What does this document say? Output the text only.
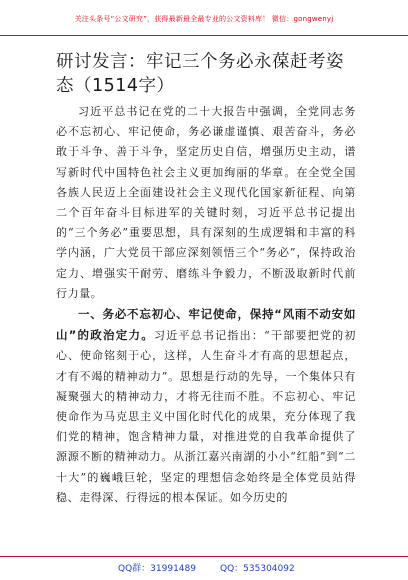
关注头条号“公文研究”，获得最新最全最专业的公文资料库！ 微信：gongwenyj
研讨发言：牢记三个务必永葆赶考姿态（1514字）

习近平总书记在党的二十大报告中强调，全党同志务必不忘初心、牢记使命，务必谦虚谨慎、艰苦奋斗，务必敢于斗争、善于斗争，坚定历史自信，增强历史主动，谱写新时代中国特色社会主义更加绚丽的华章。在全党全国各族人民迈上全面建设社会主义现代化国家新征程、向第二个百年奋斗目标进军的关键时刻，习近平总书记提出的“三个务必”重要思想，具有深刻的生成逻辑和丰富的科学内涵，广大党员干部应深刻领悟三个“务必”，保持政治定力、增强实干耐劳、磨练斗争毅力，不断汲取新时代前行力量。

一、务必不忘初心、牢记使命，保持“风雨不动安如山”的政治定力。习近平总书记指出：“干部要把党的初心、使命铭刻于心，这样，人生奋斗才有高的思想起点，才有不竭的精神动力”。思想是行动的先导，一个集体只有凝聚强大的精神动力，才将无往而不胜。不忘初心、牢记使命作为马克思主义中国化时代化的成果，充分体现了我们党的精神，饱含精神力量，对推进党的自我革命提供了源源不断的精神动力。从浙江嘉兴南湖的小小“红船”到“二十大”的巍峨巨轮，坚定的理想信念始终是全体党员站得稳、走得深、行得远的根本保证。如今历史的

QQ群：31991489	QQ：535304092
